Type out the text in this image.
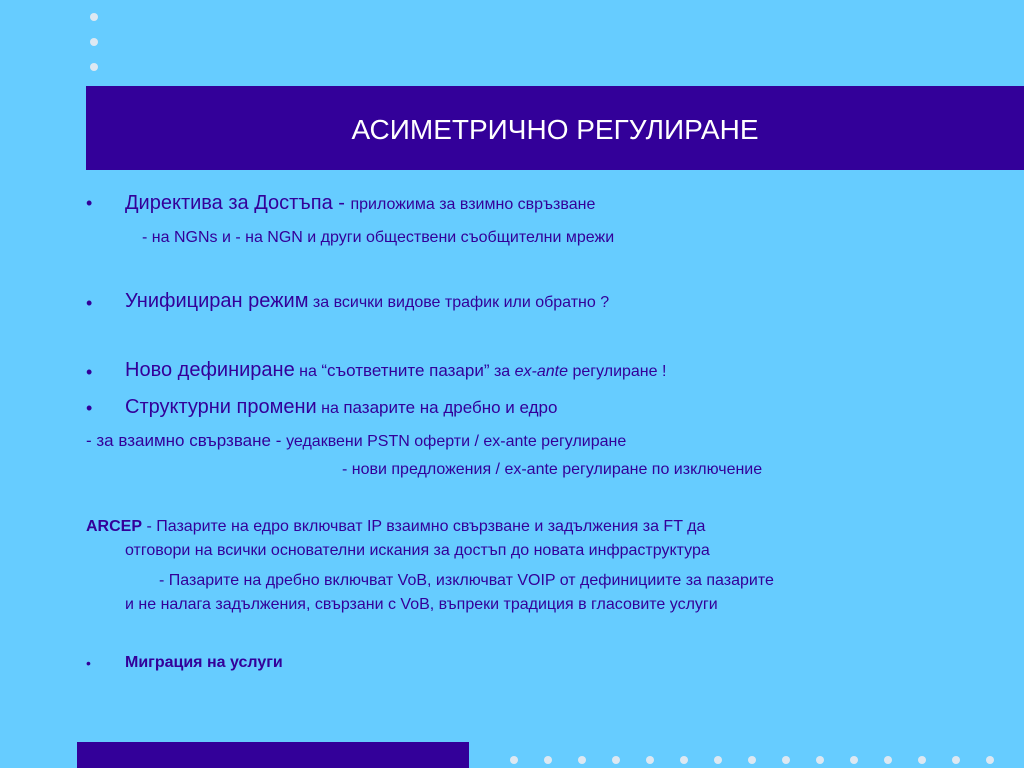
АСИМЕТРИЧНО РЕГУЛИРАНЕ
• Директива за Достъпа - приложима за взимно свръзване
- на NGNs и - на NGN и други обществени съобщителни мрежи
• Унифициран режим за всички видове трафик или обратно ?
• Ново дефиниране на “съответните пазари” за ex-ante регулиране !
• Структурни промени на пазарите на дребно и едро
- за взаимно свързване - уедаквени PSTN оферти / ex-ante регулиране
- нови предложения / ex-ante регулиране по изключение
ARCEP - Пазарите на едро включват IP взаимно свързване и задължения за FT да
отговори на всички основателни искания за достъп до новата инфраструктура
- Пазарите на дребно включват VoB, изключват VOIP от дефинициите за пазарите
и не налага задължения, свързани с VoB, въпреки традиция в гласовите услуги
• Миграция на услуги
